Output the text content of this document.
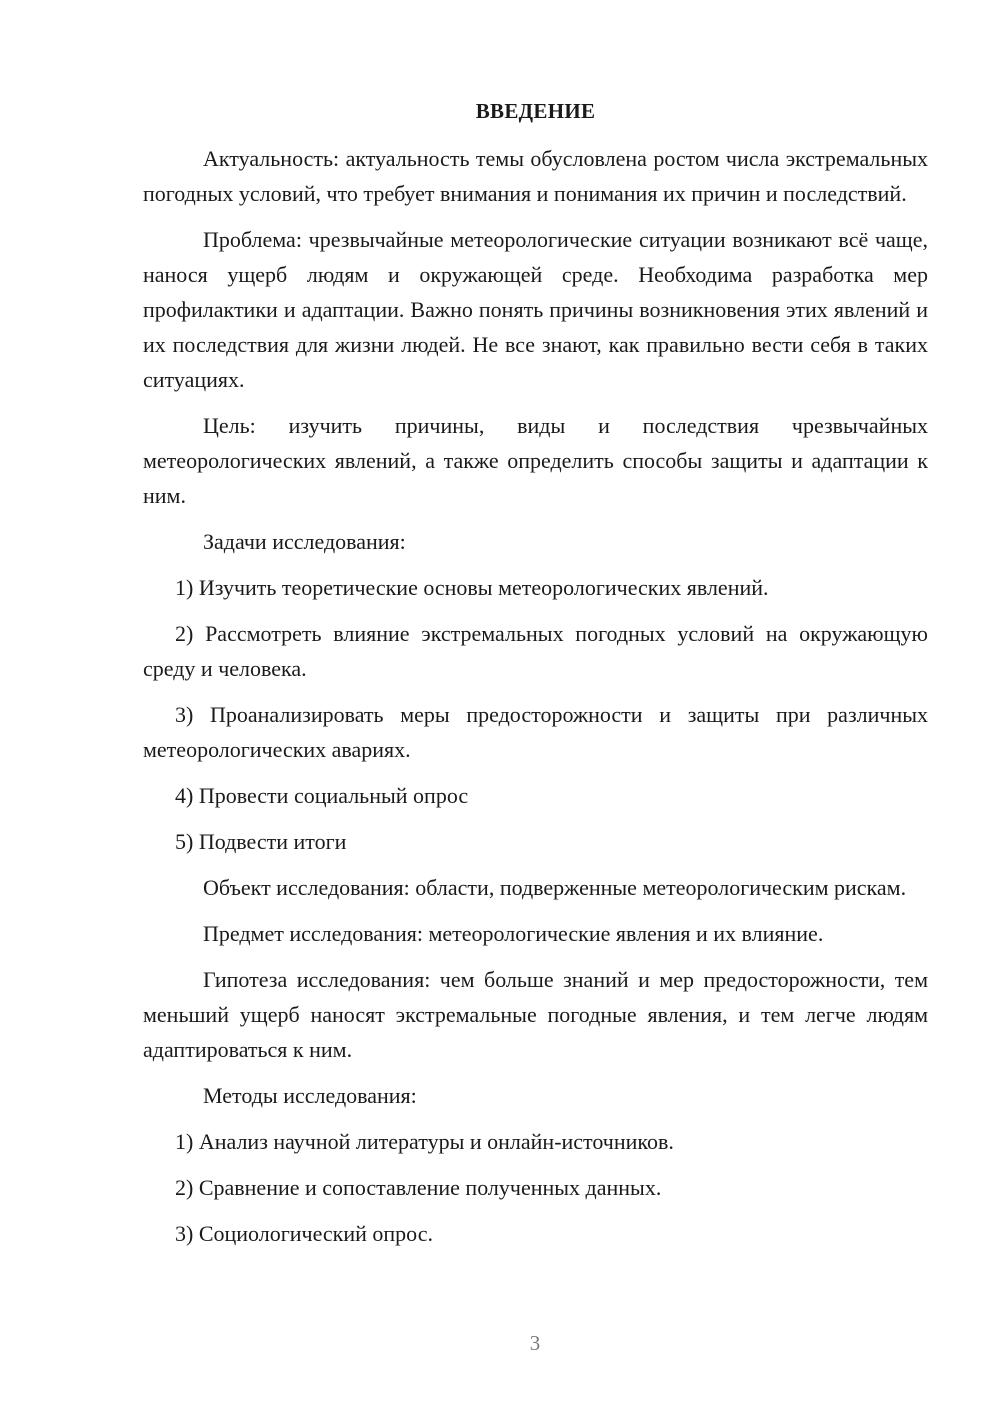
ВВЕДЕНИЕ

Актуальность: актуальность темы обусловлена ростом числа экстремальных погодных условий, что требует внимания и понимания их причин и последствий.

Проблема: чрезвычайные метеорологические ситуации возникают всё чаще, нанося ущерб людям и окружающей среде. Необходима разработка мер профилактики и адаптации. Важно понять причины возникновения этих явлений и их последствия для жизни людей. Не все знают, как правильно вести себя в таких ситуациях.

Цель: изучить причины, виды и последствия чрезвычайных метеорологических явлений, а также определить способы защиты и адаптации к ним.

Задачи исследования:

1) Изучить теоретические основы метеорологических явлений.

2) Рассмотреть влияние экстремальных погодных условий на окружающую среду и человека.

3) Проанализировать меры предосторожности и защиты при различных метеорологических авариях.

4) Провести социальный опрос

5) Подвести итоги

Объект исследования: области, подверженные метеорологическим рискам.

Предмет исследования: метеорологические явления и их влияние.

Гипотеза исследования: чем больше знаний и мер предосторожности, тем меньший ущерб наносят экстремальные погодные явления, и тем легче людям адаптироваться к ним.

Методы исследования:

1) Анализ научной литературы и онлайн-источников.

2) Сравнение и сопоставление полученных данных.

3) Социологический опрос.

3
